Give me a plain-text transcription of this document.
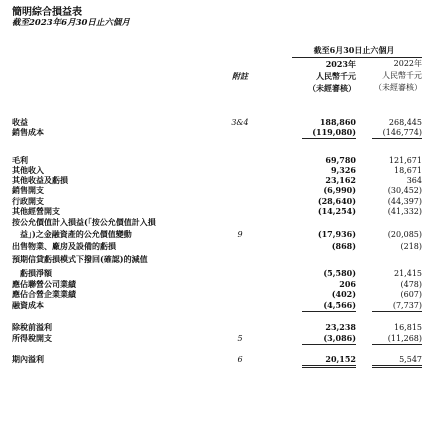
簡明綜合損益表
截至2023年6月30日止六個月
截至6月30日止六個月
2023年
人民幣千元
（未經審核）
2022年
人民幣千元
（未經審核）
附註
收益	3&4	188,860	268,445
銷售成本	(119,080)	(146,774)
毛利	69,780	121,671
其他收入	9,326	18,671
其他收益及虧損	23,162	364
銷售開支	(6,990)	(30,452)
行政開支	(28,640)	(44,397)
其他經營開支	(14,254)	(41,332)
按公允價值計入損益(「按公允價值計入損
益」)之金融資產的公允價值變動	9	(17,936)	(20,085)
出售物業、廠房及設備的虧損	(868)	(218)
預期信貸虧損模式下撥回(確認)的減值
虧損淨額	(5,580)	21,415
應佔聯營公司業績	206	(478)
應佔合營企業業績	(402)	(607)
融資成本	(4,566)	(7,737)
除稅前溢利	23,238	16,815
所得稅開支	5	(3,086)	(11,268)
期內溢利	6	20,152	5,547
